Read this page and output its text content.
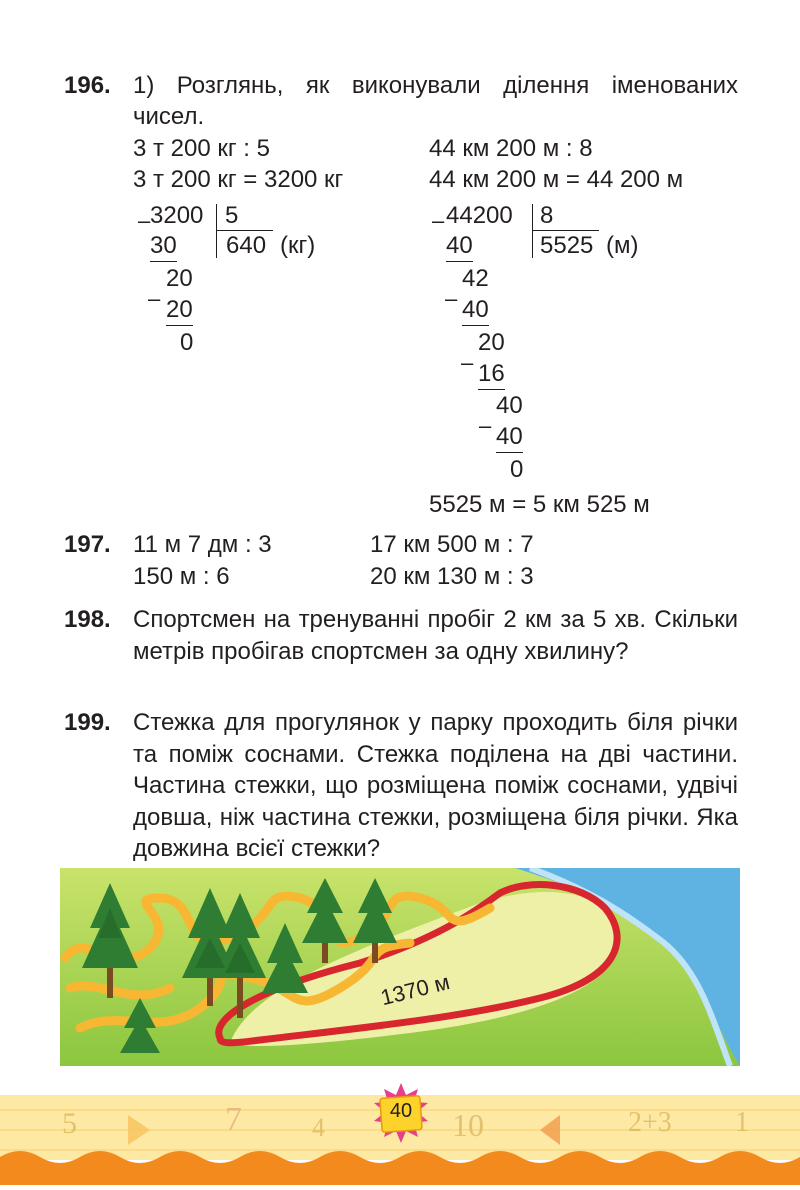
196. 1) Розглянь, як виконували ділення іменованих
чисел.
3 т 200 кг : 5
3 т 200 кг = 3200 кг
– 3200 5
640 (кг)
30
20
– 20
0
44 км 200 м : 8
44 км 200 м = 44 200 м
– 44200 8
5525 (м)
40
42
– 40
20
– 16
40
– 40
0
5525 м = 5 км 525 м
197. 11 м 7 дм : 3	17 км 500 м : 7
150 м : 6	20 км 130 м : 3
198. Спортсмен на тренуванні пробіг 2 км за 5 хв. Скільки метрів пробігав спортсмен за одну хвилину?
199. Стежка для прогулянок у парку проходить біля річки та поміж соснами. Стежка поділена на дві частини. Частина стежки, що розміщена поміж соснами, удвічі довша, ніж частина стежки, розміщена біля річки. Яка довжина всієї стежки?
1370 м
5	7	4	10	2+3 1
40
